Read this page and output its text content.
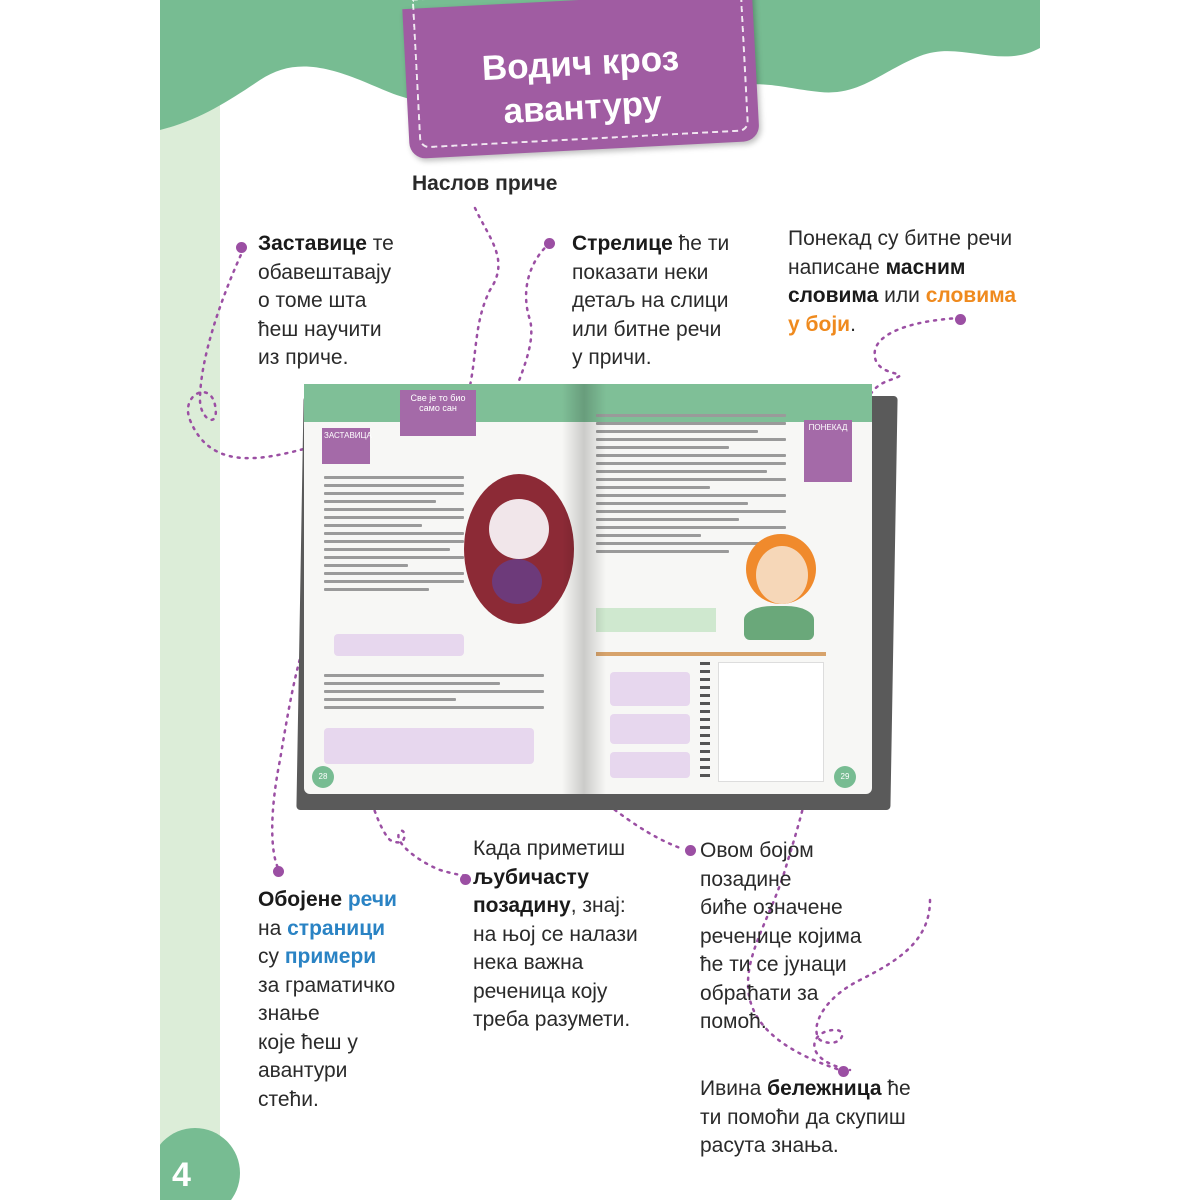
Водич кроз
авантуру
Наслов приче
Заставице те
обавештавају
о томе шта
ћеш научити
из приче.
Стрелице ће ти
показати неки
детаљ на слици
или битне речи
у причи.
Понекад су битне речи
написане масним
словима или словима
у боји.
Све је то био
само сан
ЗАСТАВИЦА
28
ПОНЕКАД
29
Обојене речи
на страници
су примери
за граматичко
знање
које ћеш у
авантури
стећи.
Када приметиш
љубичасту
позадину, знај:
на њој се налази
нека важна
реченица коју
треба разумети.
Овом бојом
позадине
биће означене
реченице којима
ће ти се јунаци
обраћати за
помоћ.
Ивина бележница ће
ти помоћи да скупиш
расута знања.
4
